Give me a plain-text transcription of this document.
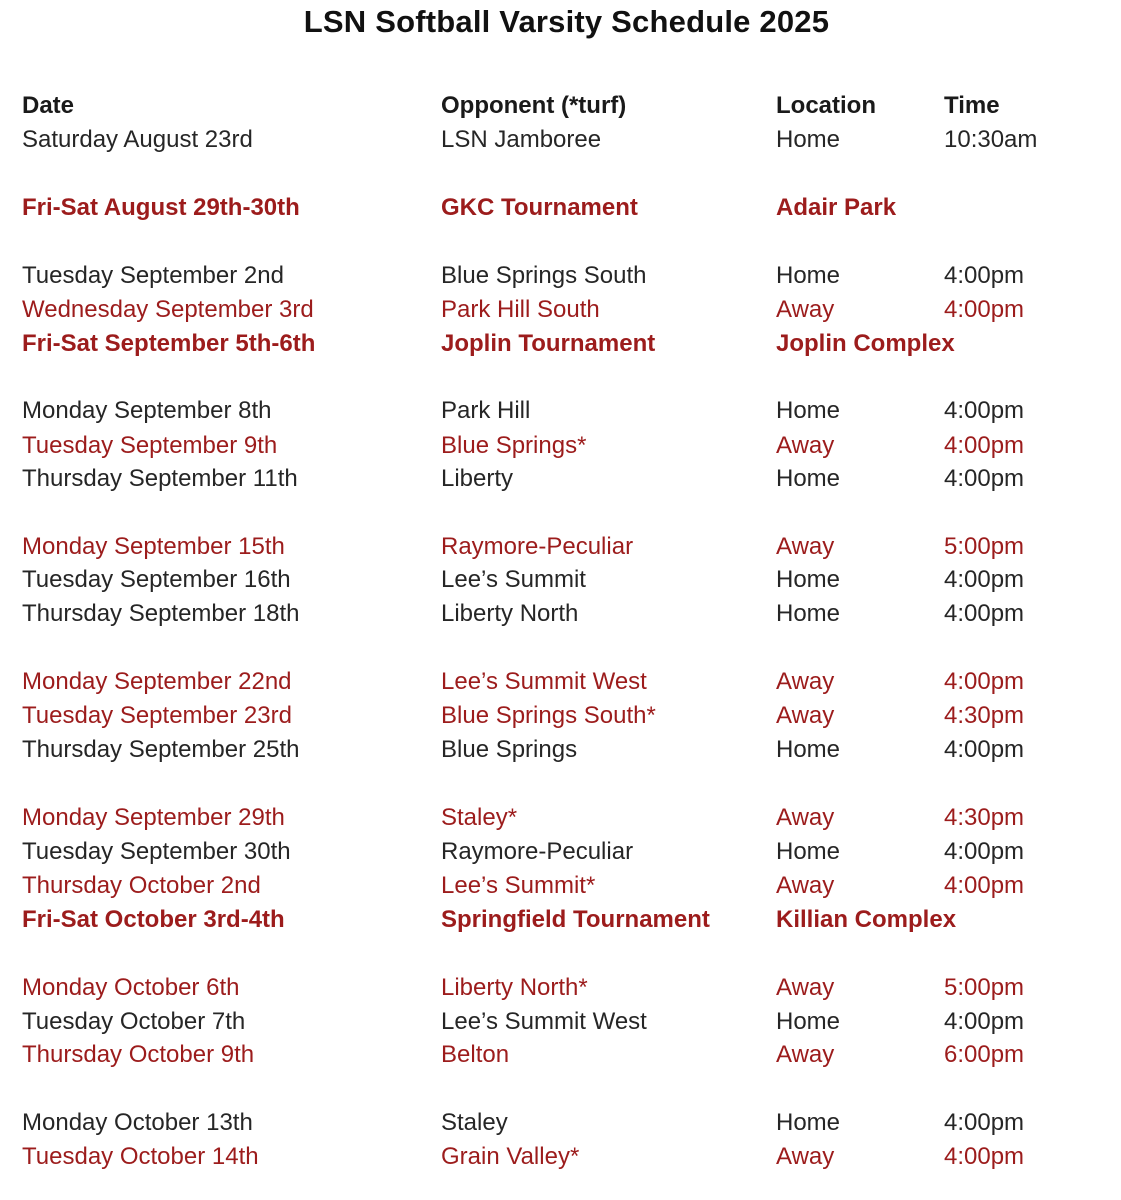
LSN Softball Varsity Schedule 2025
Date	Opponent (*turf)	Location	Time
Saturday August 23rd	LSN Jamboree	Home	10:30am
Fri-Sat August 29th-30th	GKC Tournament	Adair Park
Tuesday September 2nd	Blue Springs South	Home	4:00pm
Wednesday September 3rd	Park Hill South	Away	4:00pm
Fri-Sat September 5th-6th	Joplin Tournament	Joplin Complex
Monday September 8th	Park Hill	Home	4:00pm
Tuesday September 9th	Blue Springs*	Away	4:00pm
Thursday September 11th	Liberty	Home	4:00pm
Monday September 15th	Raymore-Peculiar	Away	5:00pm
Tuesday September 16th	Lee’s Summit	Home	4:00pm
Thursday September 18th	Liberty North	Home	4:00pm
Monday September 22nd	Lee’s Summit West	Away	4:00pm
Tuesday September 23rd	Blue Springs South*	Away	4:30pm
Thursday September 25th	Blue Springs	Home	4:00pm
Monday September 29th	Staley*	Away	4:30pm
Tuesday September 30th	Raymore-Peculiar	Home	4:00pm
Thursday October 2nd	Lee’s Summit*	Away	4:00pm
Fri-Sat October 3rd-4th	Springfield Tournament	Killian Complex
Monday October 6th	Liberty North*	Away	5:00pm
Tuesday October 7th	Lee’s Summit West	Home	4:00pm
Thursday October 9th	Belton	Away	6:00pm
Monday October 13th	Staley	Home	4:00pm
Tuesday October 14th	Grain Valley*	Away	4:00pm
